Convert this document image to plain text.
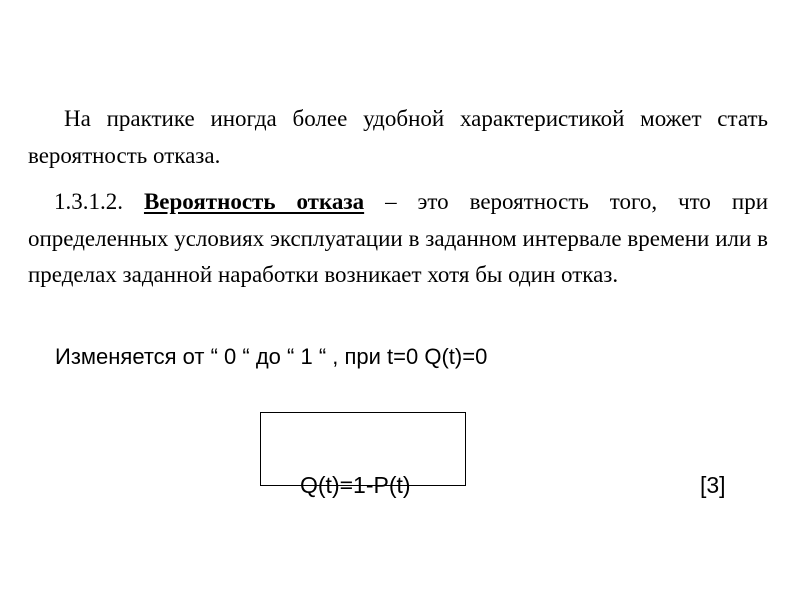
На практике иногда более удобной характеристикой может стать вероятность отказа.

1.3.1.2. Вероятность отказа – это вероятность того, что при определенных условиях эксплуатации в заданном интервале времени или в пределах заданной наработки возникает хотя бы один отказ.

Изменяется от “ 0 “ до “ 1 “ , при t=0 Q(t)=0

Q(t)=1-P(t)	[3]
